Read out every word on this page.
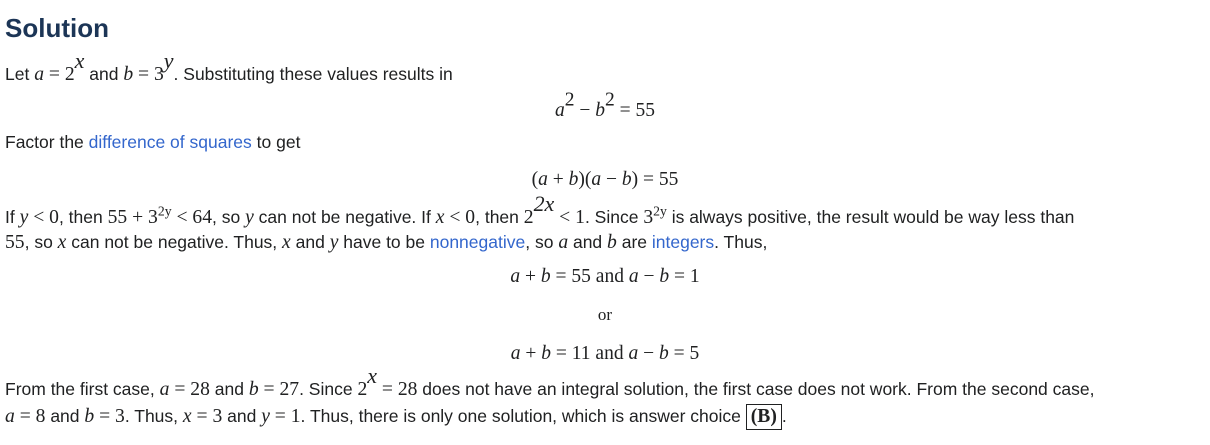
Solution
Let $a = 2^x$ and $b = 3^y$. Substituting these values results in
$a^2 - b^2 = 55$
Factor the difference of squares to get
(a + b)(a − b) = 55
If y < 0, then $55 + 3^{2y} < 64$, so y can not be negative. If x < 0, then $2^{2x} < 1$. Since $3^{2y}$ is always positive, the result would be way less than
55, so x can not be negative. Thus, x and y have to be nonnegative, so a and b are integers. Thus,
a + b = 55 and a − b = 1
or
a + b = 11 and a − b = 5
From the first case, a = 28 and b = 27. Since $2^x = 28$ does not have an integral solution, the first case does not work. From the second case,
a = 8 and b = 3. Thus, x = 3 and y = 1. Thus, there is only one solution, which is answer choice (B) .
